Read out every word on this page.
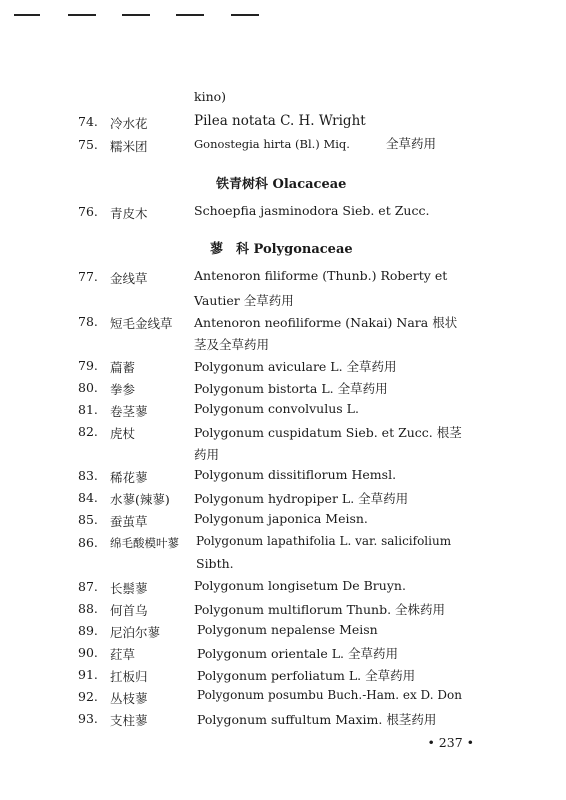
kino)
74. 冷水花	Pilea notata C. H. Wright
75. 糯米团	Gonostegia hirta (Bl.) Miq.	全草药用
铁青树科 Olacaceae
76. 青皮木	Schoepfia jasminodora Sieb. et Zucc.
蓼　科 Polygonaceae
77. 金线草	Antenoron filiforme (Thunb.) Roberty et
Vautier 全草药用
78. 短毛金线草 Antenoron neofiliforme (Nakai) Nara 根状
茎及全草药用
79. 萹蓄	Polygonum aviculare L. 全草药用
80. 拳参	Polygonum bistorta L. 全草药用
81. 卷茎蓼	Polygonum convolvulus L.
82. 虎杖	Polygonum cuspidatum Sieb. et Zucc. 根茎
药用
83. 稀花蓼	Polygonum dissitiflorum Hemsl.
84. 水蓼(辣蓼) Polygonum hydropiper L. 全草药用
85. 蚕茧草	Polygonum japonica Meisn.
86. 绵毛酸模叶蓼 Polygonum lapathifolia L. var. salicifolium
Sibth.
87. 长鬃蓼	Polygonum longisetum De Bruyn.
88. 何首乌	Polygonum multiflorum Thunb. 全株药用
89. 尼泊尔蓼	Polygonum nepalense Meisn
90. 荭草	Polygonum orientale L. 全草药用
91. 扛板归	Polygonum perfoliatum L. 全草药用
92. 丛枝蓼	Polygonum posumbu Buch.-Ham. ex D. Don
93. 支柱蓼	Polygonum suffultum Maxim. 根茎药用
• 237 •
